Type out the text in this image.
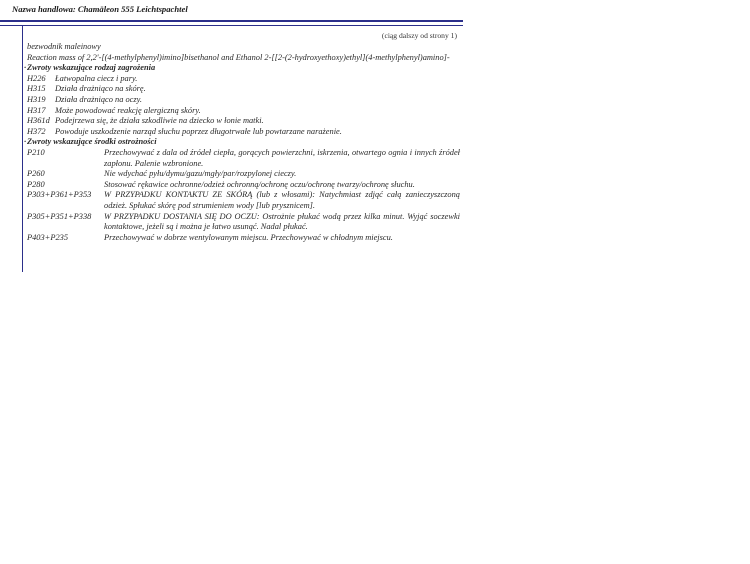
Nazwa handlowa: Chamäleon 555 Leichtspachtel
(ciąg dalszy od strony 1)
bezwodnik maleinowy
Reaction mass of 2,2'-[(4-methylphenyl)imino]bisethanol and Ethanol 2-[[2-(2-hydroxyethoxy)ethyl](4-methylphenyl)amino]-
·Zwroty wskazujące rodzaj zagrożenia
H226	Łatwopalna ciecz i pary.
H315	Działa drażniąco na skórę.
H319	Działa drażniąco na oczy.
H317	Może powodować reakcję alergiczną skóry.
H361d Podejrzewa się, że działa szkodliwie na dziecko w łonie matki.
H372	Powoduje uszkodzenie narząd słuchu poprzez długotrwałe lub powtarzane narażenie.
·Zwroty wskazujące środki ostrożności
P210	Przechowywać z dala od źródeł ciepła, gorących powierzchni, iskrzenia, otwartego ognia i innych źródeł zapłonu. Palenie wzbronione.
P260	Nie wdychać pyłu/dymu/gazu/mgły/par/rozpylonej cieczy.
P280	Stosować rękawice ochronne/odzież ochronną/ochronę oczu/ochronę twarzy/ochronę słuchu.
P303+P361+P353	W PRZYPADKU KONTAKTU ZE SKÓRĄ (lub z włosami): Natychmiast zdjąć całą zanieczyszczoną odzież. Spłukać skórę pod strumieniem wody [lub prysznicem].
P305+P351+P338	W PRZYPADKU DOSTANIA SIĘ DO OCZU: Ostrożnie płukać wodą przez kilka minut. Wyjąć soczewki kontaktowe, jeżeli są i można je łatwo usunąć. Nadal płukać.
P403+P235	Przechowywać w dobrze wentylowanym miejscu. Przechowywać w chłodnym miejscu.
